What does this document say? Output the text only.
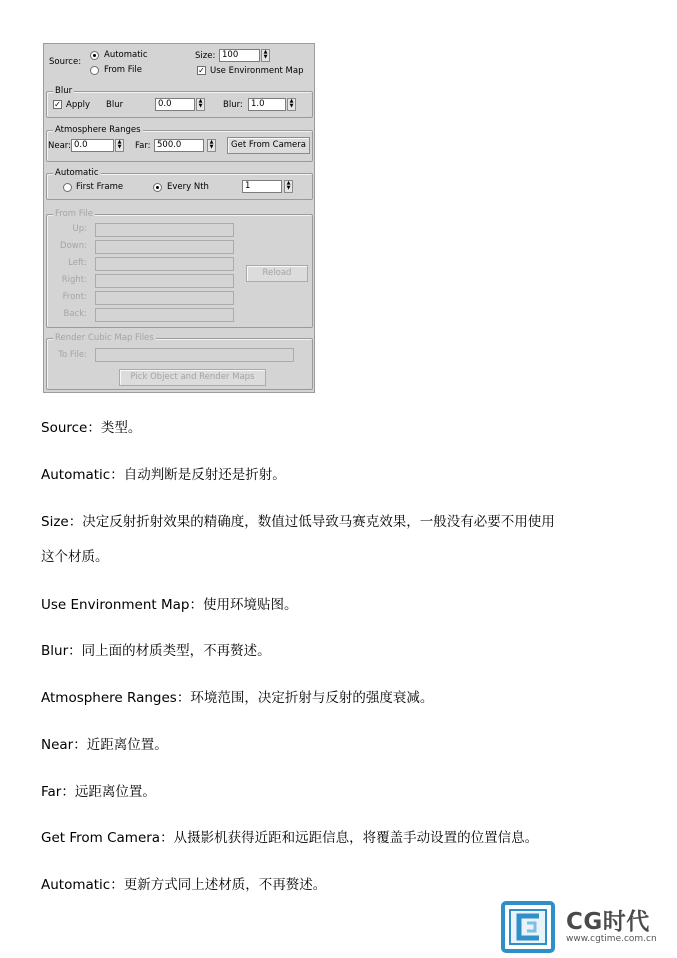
Source:
Automatic
From File
Size: 100	▲
▼
✓ Use Environment Map
Blur
✓ Apply Blur	0.0	▲
▼	Blur: 1.0	▲
▼
Atmosphere Ranges
Near: 0.0	▲
▼	Far: 500.0	▲
▼	Get From Camera
Automatic
First Frame	Every Nth	1	▲
▼
From File
Up:
Down:
Left:
Right:
Front:
Back:
Reload
Render Cubic Map Files
To File:
Pick Object and Render Maps
Source：类型。
Automatic：自动判断是反射还是折射。
Size：决定反射折射效果的精确度，数值过低导致马赛克效果，一般没有必要不用使用
这个材质。
Use Environment Map：使用环境贴图。
Blur：同上面的材质类型，不再赘述。
Atmosphere Ranges：环境范围，决定折射与反射的强度衰减。
Near：近距离位置。
Far：远距离位置。
Get From Camera：从摄影机获得近距和远距信息，将覆盖手动设置的位置信息。
Automatic：更新方式同上述材质，不再赘述。
CG时代
www.cgtime.com.cn
